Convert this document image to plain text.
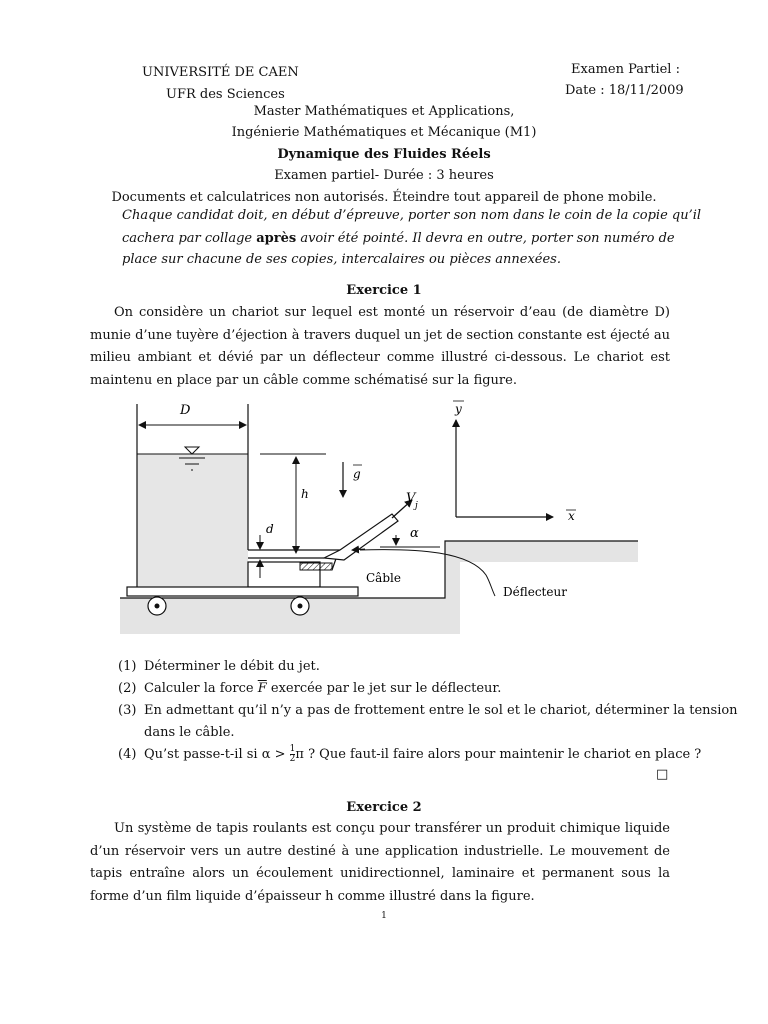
UNIVERSITÉ DE CAEN
UFR des Sciences
Examen Partiel :
Date : 18/11/2009
Master Mathématiques et Applications,
Ingénierie Mathématiques et Mécanique (M1)
Dynamique des Fluides Réels
Examen partiel- Durée : 3 heures
Documents et calculatrices non autorisés. Éteindre tout appareil de phone mobile.
Chaque candidat doit, en début d’épreuve, porter son nom dans le coin de la copie qu’il
cachera par collage après avoir été pointé. Il devra en outre, porter son numéro de
place sur chacune de ses copies, intercalaires ou pièces annexées.
Exercice 1
On considère un chariot sur lequel est monté un réservoir d’eau (de diamètre D) munie d’une tuyère d’éjection à travers duquel un jet de section constante est éjecté au milieu ambiant et dévié par un déflecteur comme illustré ci-dessous. Le chariot est maintenu en place par un câble comme schématisé sur la figure.
D
α
Câble
Déflecteur
h
d
g
V j
y
x
(1) Déterminer le débit du jet.
(2) Calculer la force $\overline{F}$ exercée par le jet sur le déflecteur.
(3) En admettant qu’il n’y a pas de frottement entre le sol et le chariot, déterminer la tension
dans le câble.
(4) Qu’st passe-t-il si $\alpha > \frac{1}{2}$ π ? Que faut-il faire alors pour maintenir le chariot en place ?
□
Exercice 2
Un système de tapis roulants est conçu pour transférer un produit chimique liquide d’un réservoir vers un autre destiné à une application industrielle. Le mouvement de tapis entraîne alors un écoulement unidirectionnel, laminaire et permanent sous la forme d’un film liquide d’épaisseur h comme illustré dans la figure.
1
